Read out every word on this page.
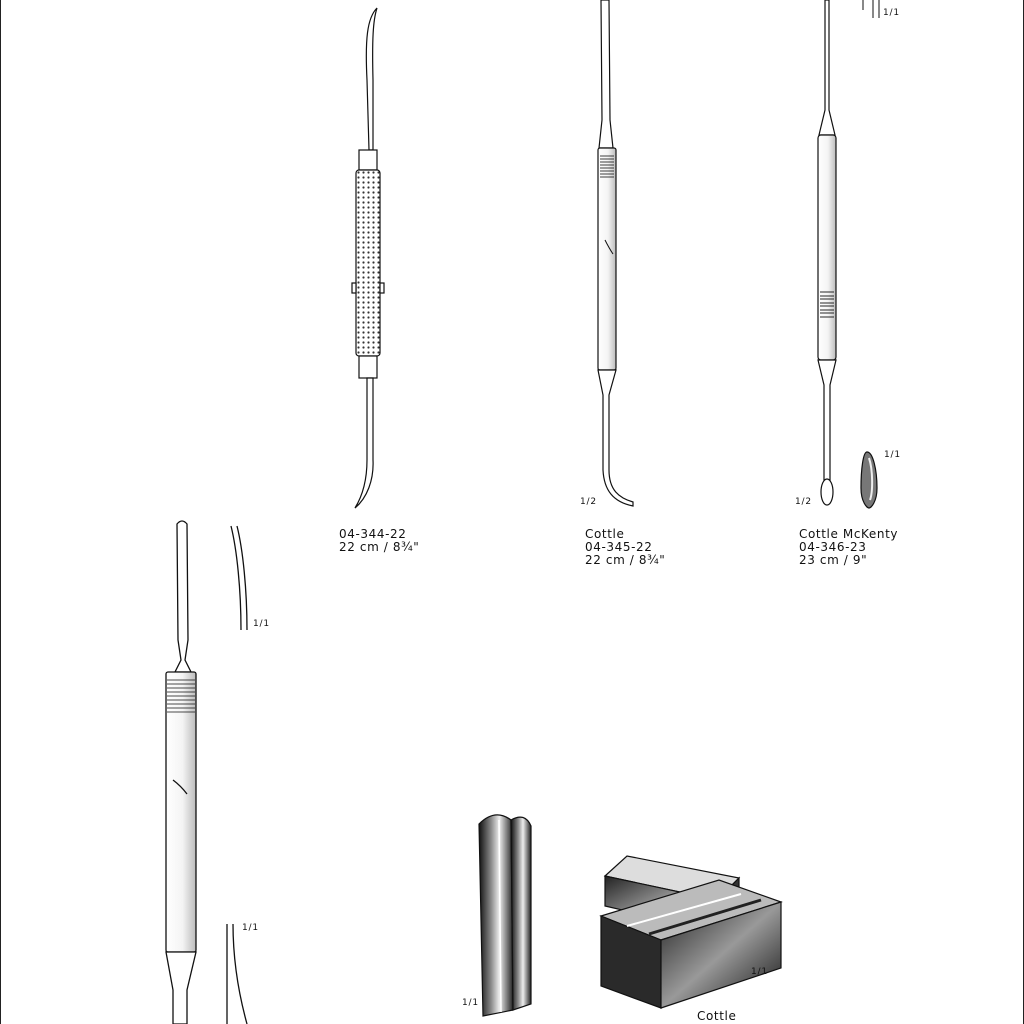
04-344-22
22 cm / 8¾"
Cottle
04-345-22
22 cm / 8¾"
Cottle McKenty
04-346-23
23 cm / 9"
Cottle
1/1
1/2	1/2
1/1
1/1
1/1
1/1
1/1
